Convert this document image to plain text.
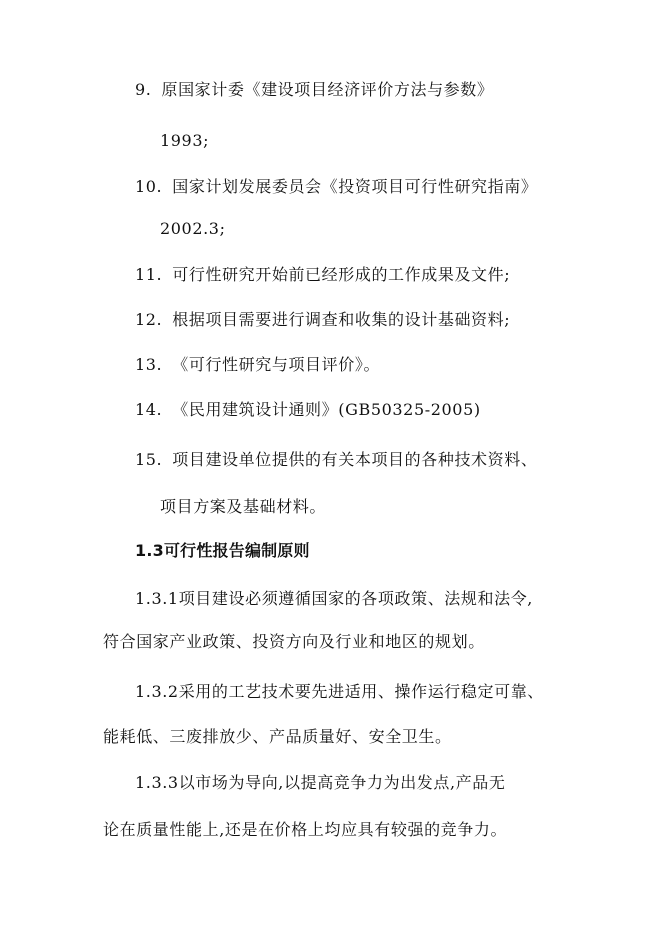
9. 原国家计委《建设项目经济评价方法与参数》
1993;
10. 国家计划发展委员会《投资项目可行性研究指南》
2002.3;
11. 可行性研究开始前已经形成的工作成果及文件;
12. 根据项目需要进行调查和收集的设计基础资料;
13. 《可行性研究与项目评价》。
14. 《民用建筑设计通则》(GB50325-2005)
15. 项目建设单位提供的有关本项目的各种技术资料、
项目方案及基础材料。
1.3可行性报告编制原则
1.3.1项目建设必须遵循国家的各项政策、法规和法令,
符合国家产业政策、投资方向及行业和地区的规划。
1.3.2采用的工艺技术要先进适用、操作运行稳定可靠、
能耗低、三废排放少、产品质量好、安全卫生。
1.3.3以市场为导向,以提高竞争力为出发点,产品无
论在质量性能上,还是在价格上均应具有较强的竞争力。
